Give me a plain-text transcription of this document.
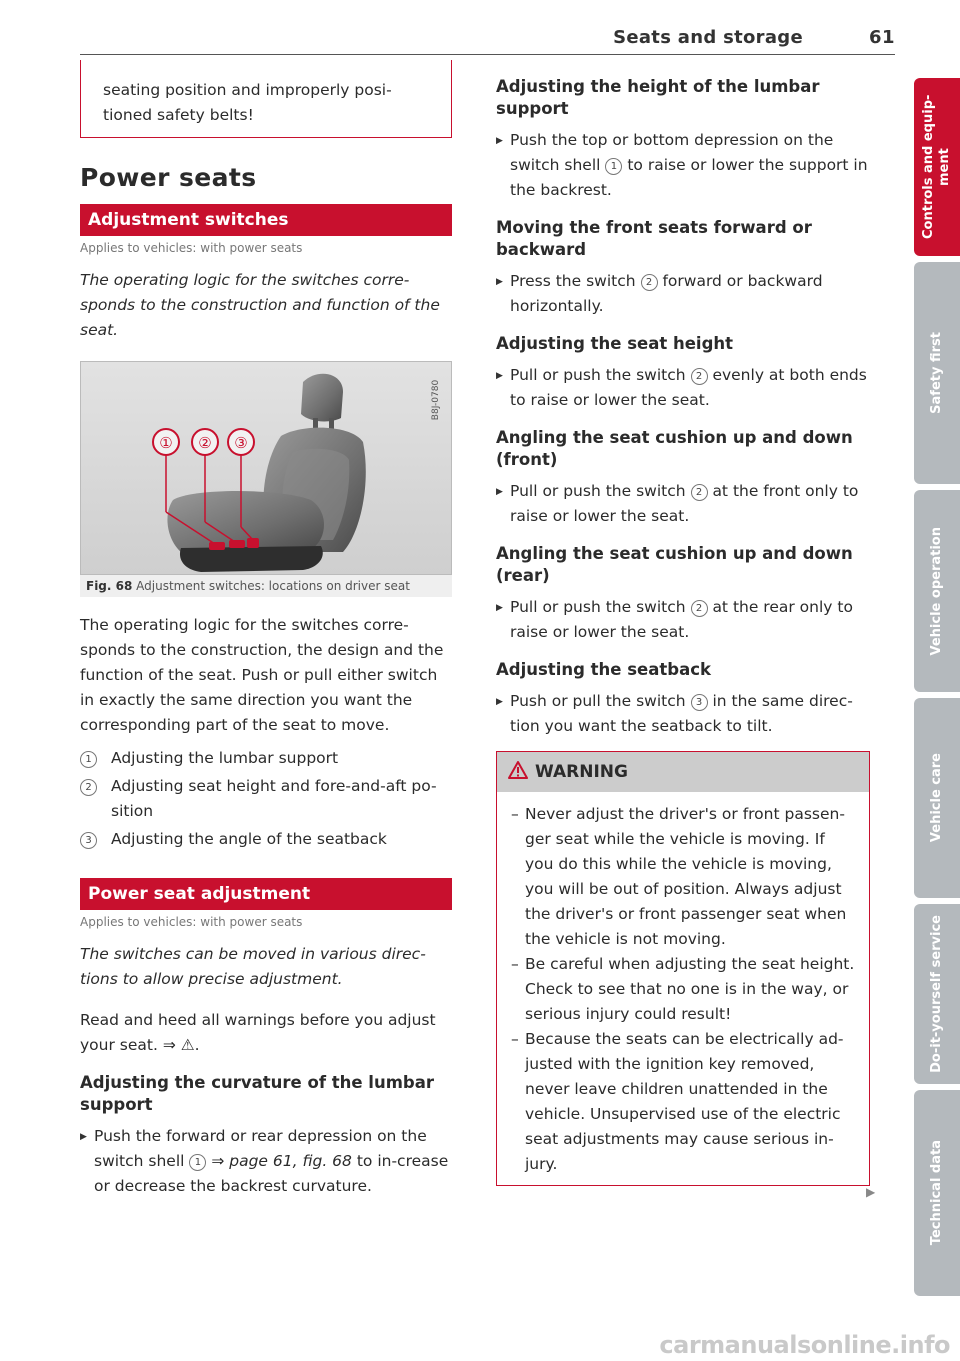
Seats and storage	61
seating position and improperly posi-tioned safety belts!
Power seats
Adjustment switches
Applies to vehicles: with power seats

The operating logic for the switches corre-sponds to the construction and function of the seat.

① ② ③
B8J-0780
Fig. 68 Adjustment switches: locations on driver seat

The operating logic for the switches corre-sponds to the construction, the design and the function of the seat. Push or pull either switch in exactly the same direction you want the corresponding part of the seat to move.

1	Adjusting the lumbar support
2	Adjusting seat height and fore-and-aft po-sition
3	Adjusting the angle of the seatback
Power seat adjustment
Applies to vehicles: with power seats

The switches can be moved in various direc-tions to allow precise adjustment.

Read and heed all warnings before you adjust your seat. ⇒ ⚠.

Adjusting the curvature of the lumbar support
▶ Push the forward or rear depression on the switch shell 1 ⇒ page 61, fig. 68 to in-crease or decrease the backrest curvature.
Adjusting the height of the lumbar support
▶ Push the top or bottom depression on the switch shell 1 to raise or lower the support in the backrest.
Moving the front seats forward or backward
▶ Press the switch 2 forward or backward horizontally.
Adjusting the seat height
▶ Pull or push the switch 2 evenly at both ends to raise or lower the seat.
Angling the seat cushion up and down (front)
▶ Pull or push the switch 2 at the front only to raise or lower the seat.
Angling the seat cushion up and down (rear)
▶ Pull or push the switch 2 at the rear only to raise or lower the seat.
Adjusting the seatback
▶ Push or pull the switch 3 in the same direc-tion you want the seatback to tilt.
WARNING
– Never adjust the driver's or front passen-ger seat while the vehicle is moving. If you do this while the vehicle is moving, you will be out of position. Always adjust the driver's or front passenger seat when the vehicle is not moving.
– Be careful when adjusting the seat height. Check to see that no one is in the way, or serious injury could result!
– Because the seats can be electrically ad-justed with the ignition key removed, never leave children unattended in the vehicle. Unsupervised use of the electric seat adjustments may cause serious in-jury.
▶
Controls and equip-ment
Safety first
Vehicle operation
Vehicle care
Do-it-yourself service
Technical data
carmanualsonline.info
